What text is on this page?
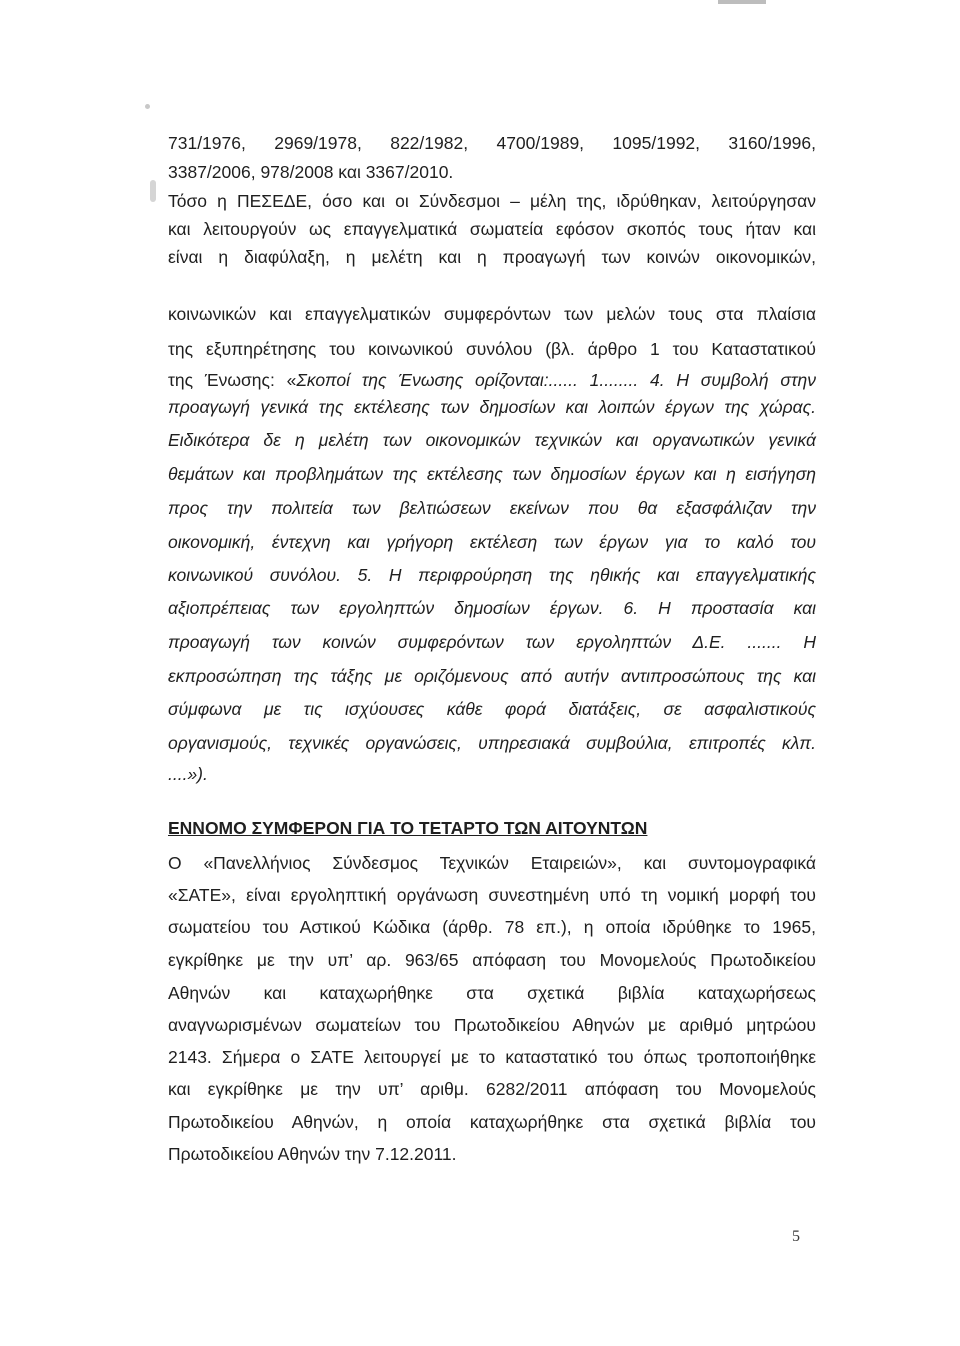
731/1976, 2969/1978, 822/1982, 4700/1989, 1095/1992, 3160/1996,
3387/2006, 978/2008 και 3367/2010.
Τόσο η ΠΕΣΕΔΕ, όσο και οι Σύνδεσμοι – μέλη της, ιδρύθηκαν, λειτούργησαν
και λειτουργούν ως επαγγελματικά σωματεία εφόσον σκοπός τους ήταν και
είναι η διαφύλαξη, η μελέτη και η προαγωγή των κοινών οικονομικών,
κοινωνικών και επαγγελματικών συμφερόντων των μελών τους στα πλαίσια
της εξυπηρέτησης του κοινωνικού συνόλου (βλ. άρθρο 1 του Καταστατικού
της Ένωσης: «Σκοποί της Ένωσης ορίζονται:...... 1........ 4. Η συμβολή στην
προαγωγή γενικά της εκτέλεσης των δημοσίων και λοιπών έργων της χώρας.
Ειδικότερα δε η μελέτη των οικονομικών τεχνικών και οργανωτικών γενικά
θεμάτων και προβλημάτων της εκτέλεσης των δημοσίων έργων και η εισήγηση
προς την πολιτεία των βελτιώσεων εκείνων που θα εξασφάλιζαν την
οικονομική, έντεχνη και γρήγορη εκτέλεση των έργων για το καλό του
κοινωνικού συνόλου. 5. Η περιφρούρηση της ηθικής και επαγγελματικής
αξιοπρέπειας των εργοληπτών δημοσίων έργων. 6. Η προστασία και
προαγωγή των κοινών συμφερόντων των εργοληπτών Δ.Ε. ....... Η
εκπροσώπηση της τάξης με οριζόμενους από αυτήν αντιπροσώπους της και
σύμφωνα με τις ισχύουσες κάθε φορά διατάξεις, σε ασφαλιστικούς
οργανισμούς, τεχνικές οργανώσεις, υπηρεσιακά συμβούλια, επιτροπές κλπ.
....»).
ΕΝΝΟΜΟ ΣΥΜΦΕΡΟΝ ΓΙΑ ΤΟ ΤΕΤΑΡΤΟ ΤΩΝ ΑΙΤΟΥΝΤΩΝ
Ο «Πανελλήνιος Σύνδεσμος Τεχνικών Εταιρειών», και συντομογραφικά
«ΣΑΤΕ», είναι εργοληπτική οργάνωση συνεστημένη υπό τη νομική μορφή του
σωματείου του Αστικού Κώδικα (άρθρ. 78 επ.), η οποία ιδρύθηκε το 1965,
εγκρίθηκε με την υπ’ αρ. 963/65 απόφαση του Μονομελούς Πρωτοδικείου
Αθηνών και καταχωρήθηκε στα σχετικά βιβλία καταχωρήσεως
αναγνωρισμένων σωματείων του Πρωτοδικείου Αθηνών με αριθμό μητρώου
2143. Σήμερα ο ΣΑΤΕ λειτουργεί με το καταστατικό του όπως τροποποιήθηκε
και εγκρίθηκε με την υπ’ αριθμ. 6282/2011 απόφαση του Μονομελούς
Πρωτοδικείου Αθηνών, η οποία καταχωρήθηκε στα σχετικά βιβλία του
Πρωτοδικείου Αθηνών την 7.12.2011.
5
